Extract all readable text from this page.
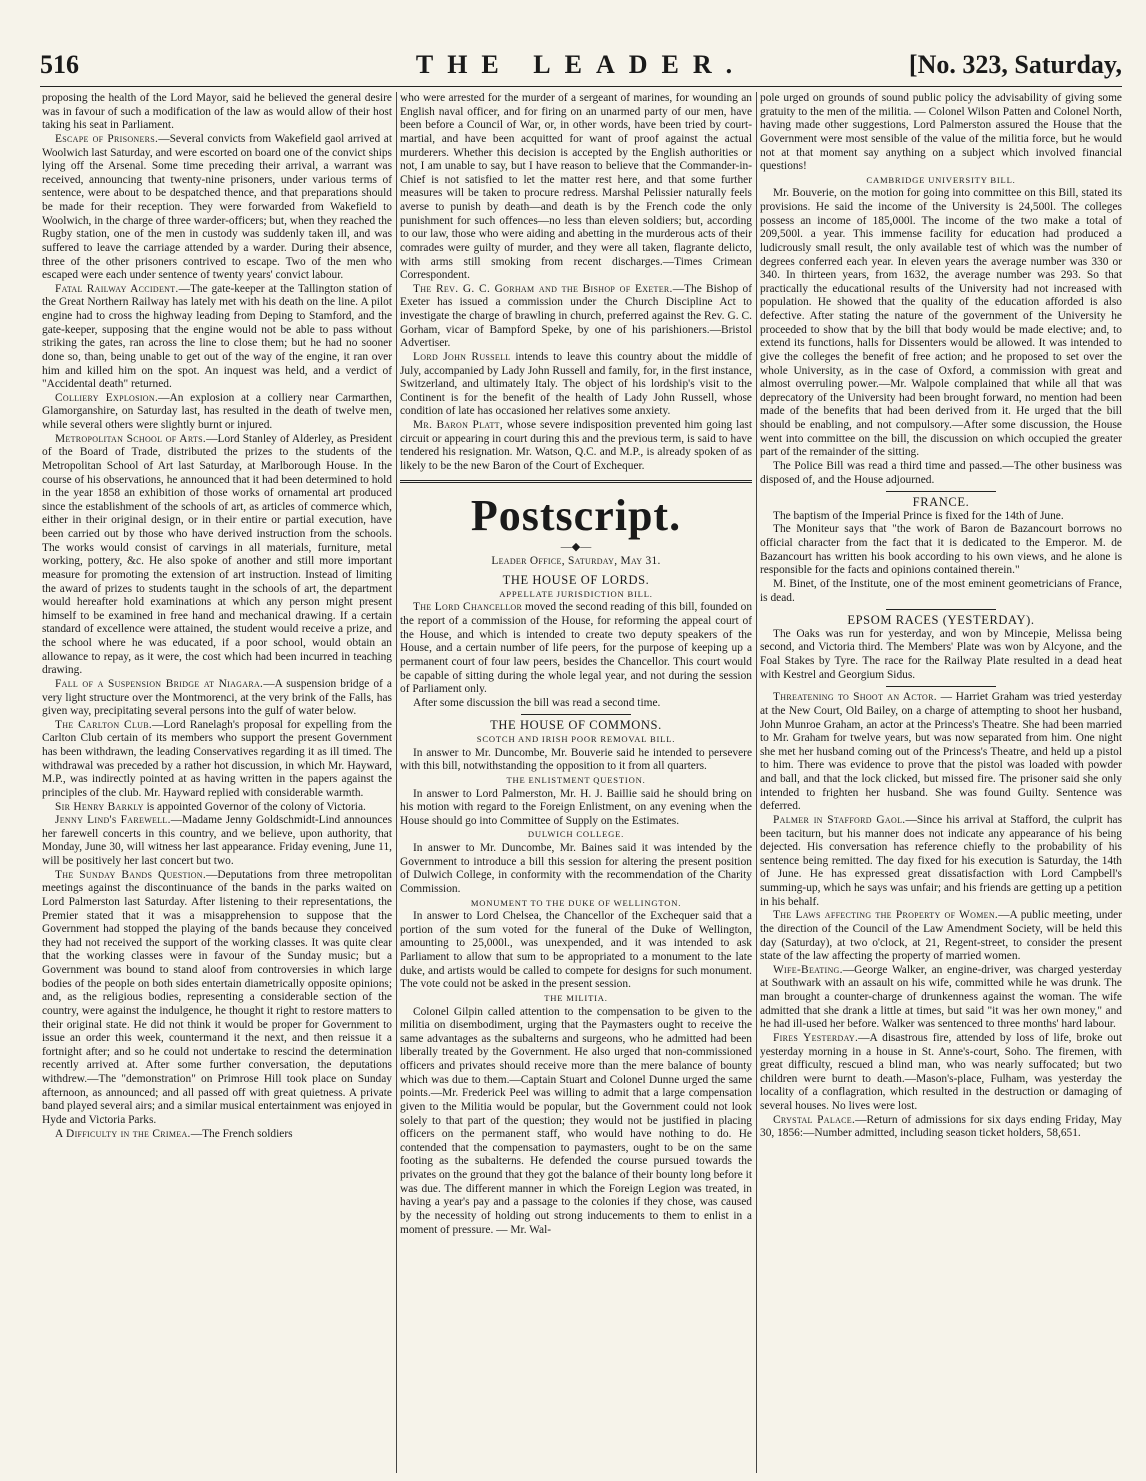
516	THE LEADER.	[No. 323, Saturday,

proposing the health of the Lord Mayor, said he believed the general desire was in favour of such a modification of the law as would allow of their host taking his seat in Parliament.

Escape of Prisoners.—Several convicts from Wakefield gaol arrived at Woolwich last Saturday, and were escorted on board one of the convict ships lying off the Arsenal. Some time preceding their arrival, a warrant was received, announcing that twenty-nine prisoners, under various terms of sentence, were about to be despatched thence, and that preparations should be made for their reception. They were forwarded from Wakefield to Woolwich, in the charge of three warder-officers; but, when they reached the Rugby station, one of the men in custody was suddenly taken ill, and was suffered to leave the carriage attended by a warder. During their absence, three of the other prisoners contrived to escape. Two of the men who escaped were each under sentence of twenty years' convict labour.

Fatal Railway Accident.—The gate-keeper at the Tallington station of the Great Northern Railway has lately met with his death on the line. A pilot engine had to cross the highway leading from Deping to Stamford, and the gate-keeper, supposing that the engine would not be able to pass without striking the gates, ran across the line to close them; but he had no sooner done so, than, being unable to get out of the way of the engine, it ran over him and killed him on the spot. An inquest was held, and a verdict of "Accidental death" returned.

Colliery Explosion.—An explosion at a colliery near Carmarthen, Glamorganshire, on Saturday last, has resulted in the death of twelve men, while several others were slightly burnt or injured.

Metropolitan School of Arts.—Lord Stanley of Alderley, as President of the Board of Trade, distributed the prizes to the students of the Metropolitan School of Art last Saturday, at Marlborough House. In the course of his observations, he announced that it had been determined to hold in the year 1858 an exhibition of those works of ornamental art produced since the establishment of the schools of art, as articles of commerce which, either in their original design, or in their entire or partial execution, have been carried out by those who have derived instruction from the schools. The works would consist of carvings in all materials, furniture, metal working, pottery, &c. He also spoke of another and still more important measure for promoting the extension of art instruction. Instead of limiting the award of prizes to students taught in the schools of art, the department would hereafter hold examinations at which any person might present himself to be examined in free hand and mechanical drawing. If a certain standard of excellence were attained, the student would receive a prize, and the school where he was educated, if a poor school, would obtain an allowance to repay, as it were, the cost which had been incurred in teaching drawing.

Fall of a Suspension Bridge at Niagara.—A suspension bridge of a very light structure over the Montmorenci, at the very brink of the Falls, has given way, precipitating several persons into the gulf of water below.

The Carlton Club.—Lord Ranelagh's proposal for expelling from the Carlton Club certain of its members who support the present Government has been withdrawn, the leading Conservatives regarding it as ill timed. The withdrawal was preceded by a rather hot discussion, in which Mr. Hayward, M.P., was indirectly pointed at as having written in the papers against the principles of the club. Mr. Hayward replied with considerable warmth.

Sir Henry Barkly is appointed Governor of the colony of Victoria.

Jenny Lind's Farewell.—Madame Jenny Goldschmidt-Lind announces her farewell concerts in this country, and we believe, upon authority, that Monday, June 30, will witness her last appearance. Friday evening, June 11, will be positively her last concert but two.

The Sunday Bands Question.—Deputations from three metropolitan meetings against the discontinuance of the bands in the parks waited on Lord Palmerston last Saturday. After listening to their representations, the Premier stated that it was a misapprehension to suppose that the Government had stopped the playing of the bands because they conceived they had not received the support of the working classes. It was quite clear that the working classes were in favour of the Sunday music; but a Government was bound to stand aloof from controversies in which large bodies of the people on both sides entertain diametrically opposite opinions; and, as the religious bodies, representing a considerable section of the country, were against the indulgence, he thought it right to restore matters to their original state. He did not think it would be proper for Government to issue an order this week, countermand it the next, and then reissue it a fortnight after; and so he could not undertake to rescind the determination recently arrived at. After some further conversation, the deputations withdrew.—The "demonstration" on Primrose Hill took place on Sunday afternoon, as announced; and all passed off with great quietness. A private band played several airs; and a similar musical entertainment was enjoyed in Hyde and Victoria Parks.

A Difficulty in the Crimea.—The French soldiers

who were arrested for the murder of a sergeant of marines, for wounding an English naval officer, and for firing on an unarmed party of our men, have been before a Council of War, or, in other words, have been tried by court-martial, and have been acquitted for want of proof against the actual murderers. Whether this decision is accepted by the English authorities or not, I am unable to say, but I have reason to believe that the Commander-in-Chief is not satisfied to let the matter rest here, and that some further measures will be taken to procure redress. Marshal Pelissier naturally feels averse to punish by death—and death is by the French code the only punishment for such offences—no less than eleven soldiers; but, according to our law, those who were aiding and abetting in the murderous acts of their comrades were guilty of murder, and they were all taken, flagrante delicto, with arms still smoking from recent discharges.—Times Crimean Correspondent.

The Rev. G. C. Gorham and the Bishop of Exeter.—The Bishop of Exeter has issued a commission under the Church Discipline Act to investigate the charge of brawling in church, preferred against the Rev. G. C. Gorham, vicar of Bampford Speke, by one of his parishioners.—Bristol Advertiser.

Lord John Russell intends to leave this country about the middle of July, accompanied by Lady John Russell and family, for, in the first instance, Switzerland, and ultimately Italy. The object of his lordship's visit to the Continent is for the benefit of the health of Lady John Russell, whose condition of late has occasioned her relatives some anxiety.

Mr. Baron Platt, whose severe indisposition prevented him going last circuit or appearing in court during this and the previous term, is said to have tendered his resignation. Mr. Watson, Q.C. and M.P., is already spoken of as likely to be the new Baron of the Court of Exchequer.

Postscript.
—◆—
Leader Office, Saturday, May 31.
THE HOUSE OF LORDS.
APPELLATE JURISDICTION BILL.

The Lord Chancellor moved the second reading of this bill, founded on the report of a commission of the House, for reforming the appeal court of the House, and which is intended to create two deputy speakers of the House, and a certain number of life peers, for the purpose of keeping up a permanent court of four law peers, besides the Chancellor. This court would be capable of sitting during the whole legal year, and not during the session of Parliament only.

After some discussion the bill was read a second time.

THE HOUSE OF COMMONS.
SCOTCH AND IRISH POOR REMOVAL BILL.

In answer to Mr. Duncombe, Mr. Bouverie said he intended to persevere with this bill, notwithstanding the opposition to it from all quarters.

THE ENLISTMENT QUESTION.

In answer to Lord Palmerston, Mr. H. J. Baillie said he should bring on his motion with regard to the Foreign Enlistment, on any evening when the House should go into Committee of Supply on the Estimates.

DULWICH COLLEGE.

In answer to Mr. Duncombe, Mr. Baines said it was intended by the Government to introduce a bill this session for altering the present position of Dulwich College, in conformity with the recommendation of the Charity Commission.

MONUMENT TO THE DUKE OF WELLINGTON.

In answer to Lord Chelsea, the Chancellor of the Exchequer said that a portion of the sum voted for the funeral of the Duke of Wellington, amounting to 25,000l., was unexpended, and it was intended to ask Parliament to allow that sum to be appropriated to a monument to the late duke, and artists would be called to compete for designs for such monument. The vote could not be asked in the present session.

THE MILITIA.

Colonel Gilpin called attention to the compensation to be given to the militia on disembodiment, urging that the Paymasters ought to receive the same advantages as the subalterns and surgeons, who he admitted had been liberally treated by the Government. He also urged that non-commissioned officers and privates should receive more than the mere balance of bounty which was due to them.—Captain Stuart and Colonel Dunne urged the same points.—Mr. Frederick Peel was willing to admit that a large compensation given to the Militia would be popular, but the Government could not look solely to that part of the question; they would not be justified in placing officers on the permanent staff, who would have nothing to do. He contended that the compensation to paymasters, ought to be on the same footing as the subalterns. He defended the course pursued towards the privates on the ground that they got the balance of their bounty long before it was due. The different manner in which the Foreign Legion was treated, in having a year's pay and a passage to the colonies if they chose, was caused by the necessity of holding out strong inducements to them to enlist in a moment of pressure. — Mr. Wal-

pole urged on grounds of sound public policy the advisability of giving some gratuity to the men of the militia. — Colonel Wilson Patten and Colonel North, having made other suggestions, Lord Palmerston assured the House that the Government were most sensible of the value of the militia force, but he would not at that moment say anything on a subject which involved financial questions!

CAMBRIDGE UNIVERSITY BILL.

Mr. Bouverie, on the motion for going into committee on this Bill, stated its provisions. He said the income of the University is 24,500l. The colleges possess an income of 185,000l. The income of the two make a total of 209,500l. a year. This immense facility for education had produced a ludicrously small result, the only available test of which was the number of degrees conferred each year. In eleven years the average number was 330 or 340. In thirteen years, from 1632, the average number was 293. So that practically the educational results of the University had not increased with population. He showed that the quality of the education afforded is also defective. After stating the nature of the government of the University he proceeded to show that by the bill that body would be made elective; and, to extend its functions, halls for Dissenters would be allowed. It was intended to give the colleges the benefit of free action; and he proposed to set over the whole University, as in the case of Oxford, a commission with great and almost overruling power.—Mr. Walpole complained that while all that was deprecatory of the University had been brought forward, no mention had been made of the benefits that had been derived from it. He urged that the bill should be enabling, and not compulsory.—After some discussion, the House went into committee on the bill, the discussion on which occupied the greater part of the remainder of the sitting.

The Police Bill was read a third time and passed.—The other business was disposed of, and the House adjourned.

FRANCE.

The baptism of the Imperial Prince is fixed for the 14th of June.

The Moniteur says that "the work of Baron de Bazancourt borrows no official character from the fact that it is dedicated to the Emperor. M. de Bazancourt has written his book according to his own views, and he alone is responsible for the facts and opinions contained therein."

M. Binet, of the Institute, one of the most eminent geometricians of France, is dead.

EPSOM RACES (YESTERDAY).

The Oaks was run for yesterday, and won by Mincepie, Melissa being second, and Victoria third. The Members' Plate was won by Alcyone, and the Foal Stakes by Tyre. The race for the Railway Plate resulted in a dead heat with Kestrel and Georgium Sidus.

Threatening to Shoot an Actor. — Harriet Graham was tried yesterday at the New Court, Old Bailey, on a charge of attempting to shoot her husband, John Munroe Graham, an actor at the Princess's Theatre. She had been married to Mr. Graham for twelve years, but was now separated from him. One night she met her husband coming out of the Princess's Theatre, and held up a pistol to him. There was evidence to prove that the pistol was loaded with powder and ball, and that the lock clicked, but missed fire. The prisoner said she only intended to frighten her husband. She was found Guilty. Sentence was deferred.

Palmer in Stafford Gaol.—Since his arrival at Stafford, the culprit has been taciturn, but his manner does not indicate any appearance of his being dejected. His conversation has reference chiefly to the probability of his sentence being remitted. The day fixed for his execution is Saturday, the 14th of June. He has expressed great dissatisfaction with Lord Campbell's summing-up, which he says was unfair; and his friends are getting up a petition in his behalf.

The Laws affecting the Property of Women.—A public meeting, under the direction of the Council of the Law Amendment Society, will be held this day (Saturday), at two o'clock, at 21, Regent-street, to consider the present state of the law affecting the property of married women.

Wife-Beating.—George Walker, an engine-driver, was charged yesterday at Southwark with an assault on his wife, committed while he was drunk. The man brought a counter-charge of drunkenness against the woman. The wife admitted that she drank a little at times, but said "it was her own money," and he had ill-used her before. Walker was sentenced to three months' hard labour.

Fires Yesterday.—A disastrous fire, attended by loss of life, broke out yesterday morning in a house in St. Anne's-court, Soho. The firemen, with great difficulty, rescued a blind man, who was nearly suffocated; but two children were burnt to death.—Mason's-place, Fulham, was yesterday the locality of a conflagration, which resulted in the destruction or damaging of several houses. No lives were lost.

Crystal Palace.—Return of admissions for six days ending Friday, May 30, 1856:—Number admitted, including season ticket holders, 58,651.
